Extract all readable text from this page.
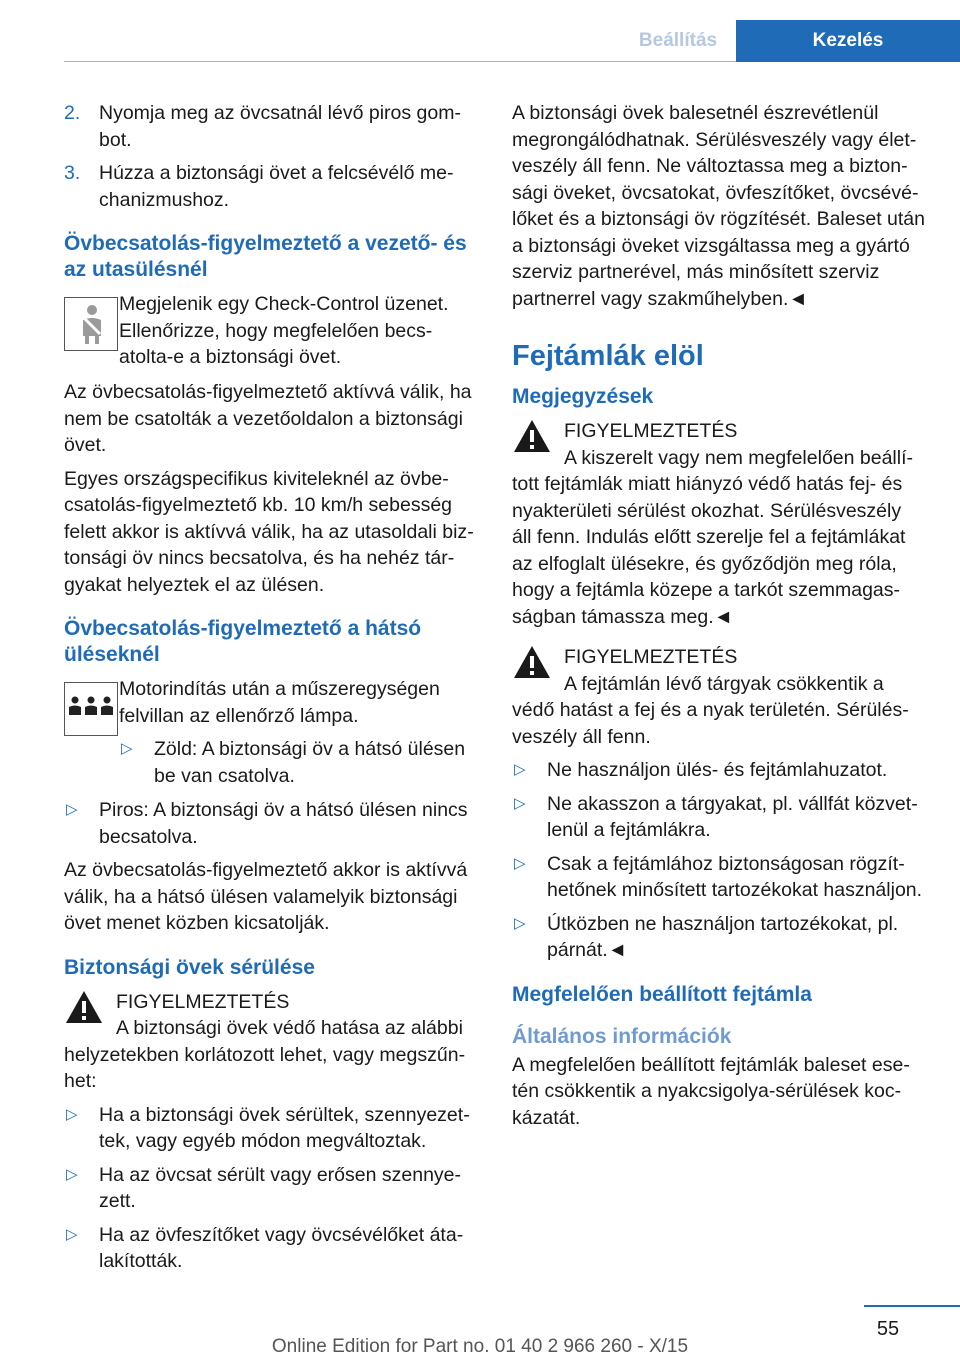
Beállítás	Kezelés
2. Nyomja meg az övcsatnál lévő piros gombot.
3. Húzza a biztonsági övet a felcsévélő mechanizmushoz.
Övbecsatolás-figyelmeztető a vezető- és az utasülésnél
Megjelenik egy Check-Control üzenet. Ellenőrizze, hogy megfelelően becsatolta-e a biztonsági övet.

Az övbecsatolás-figyelmeztető aktívvá válik, ha nem be csatolták a vezetőoldalon a biztonsági övet.

Egyes országspecifikus kiviteleknél az övbecsatolás-figyelmeztető kb. 10 km/h sebesség felett akkor is aktívvá válik, ha az utasoldali biztonsági öv nincs becsatolva, és ha nehéz tárgyakat helyeztek el az ülésen.

Övbecsatolás-figyelmeztető a hátsó üléseknél
Motorindítás után a műszeregységen felvillan az ellenőrző lámpa.
▷ Zöld: A biztonsági öv a hátsó ülésen be van csatolva.
▷ Piros: A biztonsági öv a hátsó ülésen nincs becsatolva.

Az övbecsatolás-figyelmeztető akkor is aktívvá válik, ha a hátsó ülésen valamelyik biztonsági övet menet közben kicsatolják.

Biztonsági övek sérülése
FIGYELMEZTETÉS
A biztonsági övek védő hatása az alábbi helyzetekben korlátozott lehet, vagy megszűnhet:
▷ Ha a biztonsági övek sérültek, szennyezettek, vagy egyéb módon megváltoztak.
▷ Ha az övcsat sérült vagy erősen szennyezett.
▷ Ha az övfeszítőket vagy övcsévélőket átalakították.

A biztonsági övek balesetnél észrevétlenül megrongálódhatnak. Sérülésveszély vagy életveszély áll fenn. Ne változtassa meg a biztonsági öveket, övcsatokat, övfeszítőket, övcsévélőket és a biztonsági öv rögzítését. Baleset után a biztonsági öveket vizsgáltassa meg a gyártó szerviz partnerével, más minősített szerviz partnerrel vagy szakműhelyben.◄

Fejtámlák elöl
Megjegyzések
FIGYELMEZTETÉS
A kiszerelt vagy nem megfelelően beállított fejtámlák miatt hiányzó védő hatás fej- és nyakterületi sérülést okozhat. Sérülésveszély áll fenn. Indulás előtt szerelje fel a fejtámlákat az elfoglalt ülésekre, és győződjön meg róla, hogy a fejtámla közepe a tarkót szemmagasságban támassza meg.◄
FIGYELMEZTETÉS
A fejtámlán lévő tárgyak csökkentik a védő hatást a fej és a nyak területén. Sérülésveszély áll fenn.
▷ Ne használjon ülés- és fejtámlahuzatot.
▷ Ne akasszon a tárgyakat, pl. vállfát közvetlenül a fejtámlákra.
▷ Csak a fejtámlához biztonságosan rögzíthetőnek minősített tartozékokat használjon.
▷ Útközben ne használjon tartozékokat, pl. párnát.◄
Megfelelően beállított fejtámla
Általános információk

A megfelelően beállított fejtámlák baleset esetén csökkentik a nyakcsigolya-sérülések kockázatát.

55
Online Edition for Part no. 01 40 2 966 260 - X/15
